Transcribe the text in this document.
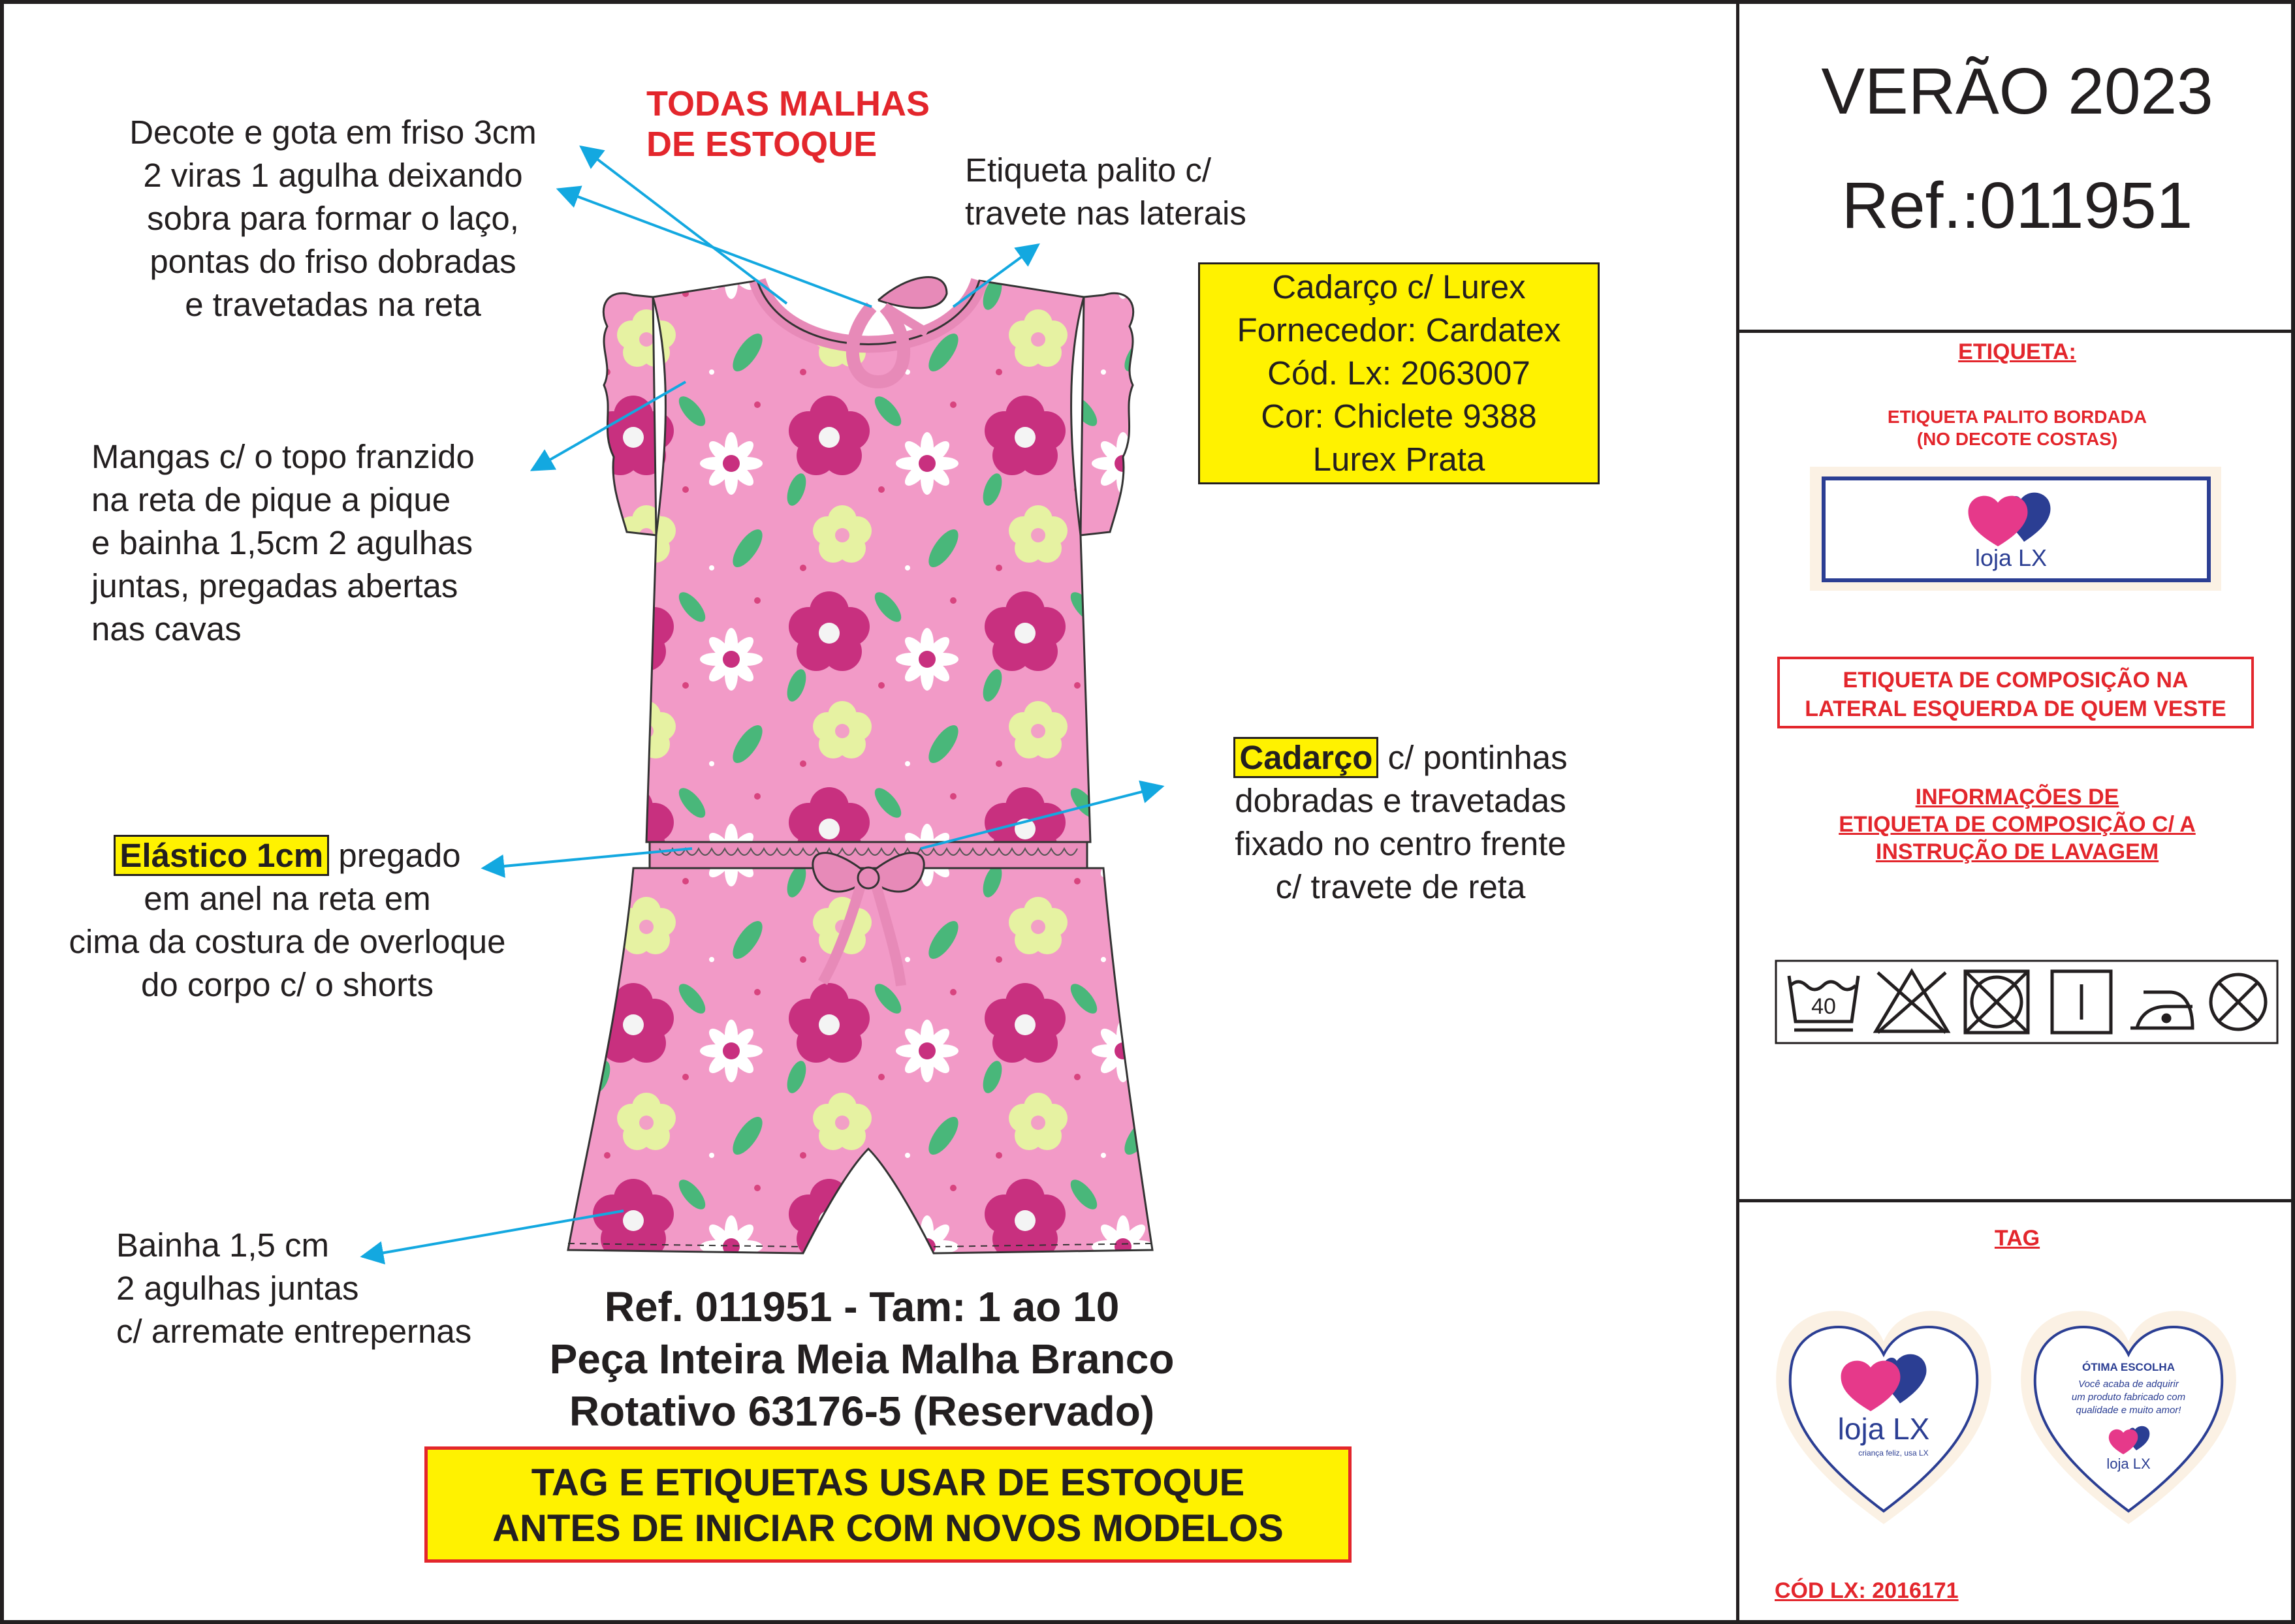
TODAS MALHAS DE ESTOQUE
Decote e gota em friso 3cm
2 viras 1 agulha deixando
sobra para formar o laço,
pontas do friso dobradas
e travetadas na reta
Etiqueta palito c/
travete nas laterais
Cadarço c/ Lurex
Fornecedor: Cardatex
Cód. Lx: 2063007
Cor: Chiclete 9388
Lurex Prata
Mangas c/ o topo franzido
na reta de pique a pique
e bainha 1,5cm 2 agulhas
juntas, pregadas abertas
nas cavas
Elástico 1cm pregado
em anel na reta em
cima da costura de overloque
do corpo c/ o shorts
Cadarço c/ pontinhas
dobradas e travetadas
fixado no centro frente
c/ travete de reta
Bainha 1,5 cm
2 agulhas juntas
c/ arremate entrepernas
Ref. 011951 - Tam: 1 ao 10
Peça Inteira Meia Malha Branco
Rotativo 63176-5 (Reservado)
TAG E ETIQUETAS USAR DE ESTOQUE
ANTES DE INICIAR COM NOVOS MODELOS
VERÃO 2023
Ref.:011951
ETIQUETA:
ETIQUETA PALITO BORDADA
(NO DECOTE COSTAS)
loja LX
ETIQUETA DE COMPOSIÇÃO NA
LATERAL ESQUERDA DE QUEM VESTE
INFORMAÇÕES DE
ETIQUETA DE COMPOSIÇÃO C/ A
INSTRUÇÃO DE LAVAGEM
40
TAG
loja LX
criança feliz, usa LX
ÓTIMA ESCOLHA
Você acaba de adquirir
um produto fabricado com
qualidade e muito amor!
loja LX
CÓD LX: 2016171
